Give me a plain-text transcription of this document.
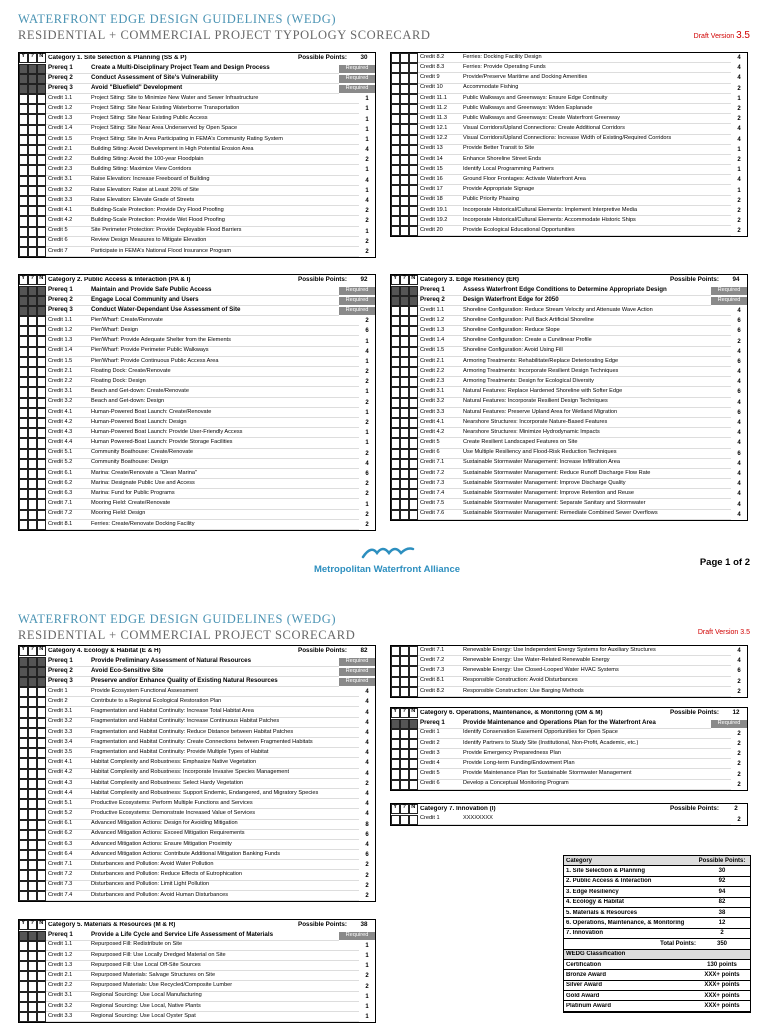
WATERFRONT EDGE DESIGN GUIDELINES (WEDG)
RESIDENTIAL + COMMERCIAL PROJECT TYPOLOGY SCORECARD	Draft Version 3.5
Y ? N Category 1. Site Selection & Planning (SS & P)	Possible Points:	30
Prereq 1	Create a Multi-Disciplinary Project Team and Design Process	Required
Prereq 2	Conduct Assessment of Site's Vulnerability	Required
Prereq 3	Avoid "Bluefield" Development	Required
Credit 1.1	Project Siting: Site to Minimize New Water and Sewer Infrastructure	1
Credit 1.2	Project Siting: Site Near Existing Waterborne Transportation	1
Credit 1.3	Project Siting: Site Near Existing Public Access	1
Credit 1.4	Project Siting: Site Near Area Underserved by Open Space	1
Credit 1.5	Project Siting: Site In Area Participating in FEMA's Community Rating System	1
Credit 2.1	Building Siting: Avoid Development in High Potential Erosion Area	4
Credit 2.2	Building Siting: Avoid the 100-year Floodplain	2
Credit 2.3	Building Siting: Maximize View Corridors	1
Credit 3.1	Raise Elevation: Increase Freeboard of Building	4
Credit 3.2	Raise Elevation: Raise at Least 20% of Site	1
Credit 3.3	Raise Elevation: Elevate Grade of Streets	4
Credit 4.1	Building-Scale Protection: Provide Dry Flood Proofing	2
Credit 4.2	Building-Scale Protection: Provide Wet Flood Proofing	2
Credit 5	Site Perimeter Protection: Provide Deployable Flood Barriers	1
Credit 6	Review Design Measures to Mitigate Elevation	2
Credit 7	Participate in FEMA's National Flood Insurance Program	2
Credit 8.2	Ferries: Docking Facility Design	4
Credit 8.3	Ferries: Provide Operating Funds	4
Credit 9	Provide/Preserve Maritime and Docking Amenities	4
Credit 10	Accommodate Fishing	2
Credit 11.1	Public Walkways and Greenways: Ensure Edge Continuity	1
Credit 11.2	Public Walkways and Greenways: Widen Esplanade	2
Credit 11.3	Public Walkways and Greenways: Create Waterfront Greenway	2
Credit 12.1	Visual Corridors/Upland Connections: Create Additional Corridors	4
Credit 12.2	Visual Corridors/Upland Connections: Increase Width of Existing/Required Corridors	4
Credit 13	Provide Better Transit to Site	1
Credit 14	Enhance Shoreline Street Ends	2
Credit 15	Identify Local Programming Partners	1
Credit 16	Ground Floor Frontages: Activate Waterfront Area	4
Credit 17	Provide Appropriate Signage	1
Credit 18	Public Priority Phasing	2
Credit 19.1	Incorporate Historical/Cultural Elements: Implement Interpretive Media	2
Credit 19.2	Incorporate Historical/Cultural Elements: Accommodate Historic Ships	2
Credit 20	Provide Ecological Educational Opportunities	2
Y ? N Category 2. Public Access & Interaction (PA & I)	Possible Points:	92
Prereq 1	Maintain and Provide Safe Public Access	Required
Prereq 2	Engage Local Community and Users	Required
Prereq 3	Conduct Water-Dependant Use Assessment of Site	Required
Credit 1.1	Pier/Wharf: Create/Renovate	2
Credit 1.2	Pier/Wharf: Design	6
Credit 1.3	Pier/Wharf: Provide Adequate Shelter from the Elements	1
Credit 1.4	Pier/Wharf: Provide Perimeter Public Walkways	4
Credit 1.5	Pier/Wharf: Provide Continuous Public Access Area	1
Credit 2.1	Floating Dock: Create/Renovate	2
Credit 2.2	Floating Dock: Design	2
Credit 3.1	Beach and Get-down: Create/Renovate	1
Credit 3.2	Beach and Get-down: Design	2
Credit 4.1	Human-Powered Boat Launch: Create/Renovate	1
Credit 4.2	Human-Powered Boat Launch: Design	2
Credit 4.3	Human-Powered Boat Launch: Provide User-Friendly Access	1
Credit 4.4	Human Powered-Boat Launch: Provide Storage Facilities	1
Credit 5.1	Community Boathouse: Create/Renovate	2
Credit 5.2	Community Boathouse: Design	4
Credit 6.1	Marina: Create/Renovate a "Clean Marina"	6
Credit 6.2	Marina: Designate Public Use and Access	2
Credit 6.3	Marina: Fund for Public Programs	2
Credit 7.1	Mooring Field: Create/Renovate	1
Credit 7.2	Mooring Field: Design	2
Credit 8.1	Ferries: Create/Renovate Docking Facility	2
Y ? N Category 3. Edge Resiliency (ER)	Possible Points:	94
Prereq 1	Assess Waterfront Edge Conditions to Determine Appropriate Design	Required
Prereq 2	Design Waterfront Edge for 2050	Required
Credit 1.1	Shoreline Configuration: Reduce Stream Velocity and Attenuate Wave Action	4
Credit 1.2	Shoreline Configuration: Pull Back Artificial Shoreline	6
Credit 1.3	Shoreline Configuration: Reduce Slope	6
Credit 1.4	Shoreline Configuration: Create a Curvilinear Profile	2
Credit 1.5	Shoreline Configuration: Avoid Using Fill	4
Credit 2.1	Armoring Treatments: Rehabilitate/Replace Deteriorating Edge	6
Credit 2.2	Armoring Treatments: Incorporate Resilient Design Techniques	4
Credit 2.3	Armoring Treatments: Design for Ecological Diversity	4
Credit 3.1	Natural Features: Replace Hardened Shoreline with Softer Edge	6
Credit 3.2	Natural Features: Incorporate Resilient Design Techniques	4
Credit 3.3	Natural Features: Preserve Upland Area for Wetland Migration	6
Credit 4.1	Nearshore Structures: Incorporate Nature-Based Features	4
Credit 4.2	Nearshore Structures: Minimize Hydrodynamic Impacts	4
Credit 5	Create Resilient Landscaped Features on Site	4
Credit 6	Use Multiple Resiliency and Flood-Risk Reduction Techniques	6
Credit 7.1	Sustainable Stormwater Management: Increase Infiltration Area	4
Credit 7.2	Sustainable Stormwater Management: Reduce Runoff Discharge Flow Rate	4
Credit 7.3	Sustainable Stormwater Management: Improve Discharge Quality	4
Credit 7.4	Sustainable Stormwater Management: Improve Retention and Reuse	4
Credit 7.5	Sustainable Stormwater Management: Separate Sanitary and Stormwater	4
Credit 7.6	Sustainable Stormwater Management: Remediate Combined Sewer Overflows	4
Metropolitan Waterfront Alliance
Page 1 of 2
WATERFRONT EDGE DESIGN GUIDELINES (WEDG)
RESIDENTIAL + COMMERCIAL PROJECT SCORECARD	Draft Version 3.5
Y ? N Category 4. Ecology & Habitat (E & H)	Possible Points:	82
Prereq 1	Provide Preliminary Assessment of Natural Resources	Required
Prereq 2	Avoid Eco-Sensitive Site	Required
Prereq 3	Preserve and/or Enhance Quality of Existing Natural Resources	Required
Credit 1	Provide Ecosystem Functional Assessment	4
Credit 2	Contribute to a Regional Ecological Restoration Plan	4
Credit 3.1	Fragmentation and Habitat Continuity: Increase Total Habitat Area	4
Credit 3.2	Fragmentation and Habitat Continuity: Increase Continuous Habitat Patches	4
Credit 3.3	Fragmentation and Habitat Continuity: Reduce Distance between Habitat Patches	4
Credit 3.4	Fragmentation and Habitat Continuity: Create Connections between Fragmented Habitats	4
Credit 3.5	Fragmentation and Habitat Continuity: Provide Multiple Types of Habitat	4
Credit 4.1	Habitat Complexity and Robustness: Emphasize Native Vegetation	4
Credit 4.2	Habitat Complexity and Robustness: Incorporate Invasive Species Management	4
Credit 4.3	Habitat Complexity and Robustness: Select Hardy Vegetation	2
Credit 4.4	Habitat Complexity and Robustness: Support Endemic, Endangered, and Migratory Species	4
Credit 5.1	Productive Ecosystems: Perform Multiple Functions and Services	4
Credit 5.2	Productive Ecosystems: Demonstrate Increased Value of Services	4
Credit 6.1	Advanced Mitigation Actions: Design for Avoiding Mitigation	8
Credit 6.2	Advanced Mitigation Actions: Exceed Mitigation Requirements	6
Credit 6.3	Advanced Mitigation Actions: Ensure Mitigation Proximity	4
Credit 6.4	Advanced Mitigation Actions: Contribute Additional Mitigation Banking Funds	6
Credit 7.1	Disturbances and Pollution: Avoid Water Pollution	2
Credit 7.2	Disturbances and Pollution: Reduce Effects of Eutrophication	2
Credit 7.3	Disturbances and Pollution: Limit Light Pollution	2
Credit 7.4	Disturbances and Pollution: Avoid Human Disturbances	2
Credit 7.1	Renewable Energy: Use Independent Energy Systems for Auxiliary Structures	4
Credit 7.2	Renewable Energy: Use Water-Related Renewable Energy	4
Credit 7.3	Renewable Energy: Use Closed-Looped Water HVAC Systems	6
Credit 8.1	Responsible Construction: Avoid Disturbances	2
Credit 8.2	Responsible Construction: Use Barging Methods	2
Y ? N Category 5. Materials & Resources (M & R)	Possible Points:	38
Prereq 1	Provide a Life Cycle and Service Life Assessment of Materials	Required
Credit 1.1	Repurposed Fill: Redistribute on Site	1
Credit 1.2	Repurposed Fill: Use Locally Dredged Material on Site	1
Credit 1.3	Repurposed Fill: Use Local Off-Site Sources	1
Credit 2.1	Repurposed Materials: Salvage Structures on Site	2
Credit 2.2	Repurposed Materials: Use Recycled/Composite Lumber	2
Credit 3.1	Regional Sourcing: Use Local Manufacturing	1
Credit 3.2	Regional Sourcing: Use Local, Native Plants	1
Credit 3.3	Regional Sourcing: Use Local Oyster Spat	1
Y ? N Category 6. Operations, Maintenance, & Monitoring (OM & M)	Possible Points:	12
Prereq 1	Provide Maintenance and Operations Plan for the Waterfront Area	Required
Credit 1	Identify Conservation Easement Opportunities for Open Space	2
Credit 2	Identify Partners to Study Site (Institutional, Non-Profit, Academic, etc.)	2
Credit 3	Provide Emergency Preparedness Plan	2
Credit 4	Provide Long-term Funding/Endowment Plan	2
Credit 5	Provide Maintenance Plan for Sustainable Stormwater Management	2
Credit 6	Develop a Conceptual Monitoring Program	2
Y ? N Category 7. Innovation (I)	Possible Points:	2
Credit 1	XXXXXXXX	2
Category	Possible Points:
1. Site Selection & Planning	30
2. Public Access & Interaction	92
3. Edge Resiliency	94
4. Ecology & Habitat	82
5. Materials & Resources	38
6. Operations, Maintenance, & Monitoring	12
7. Innovation	2
Total Points:	350
WEDG Classification
Certification	130 points
Bronze Award	XXX+ points
Silver Award	XXX+ points
Gold Award	XXX+ points
Platinum Award	XXX+ points
